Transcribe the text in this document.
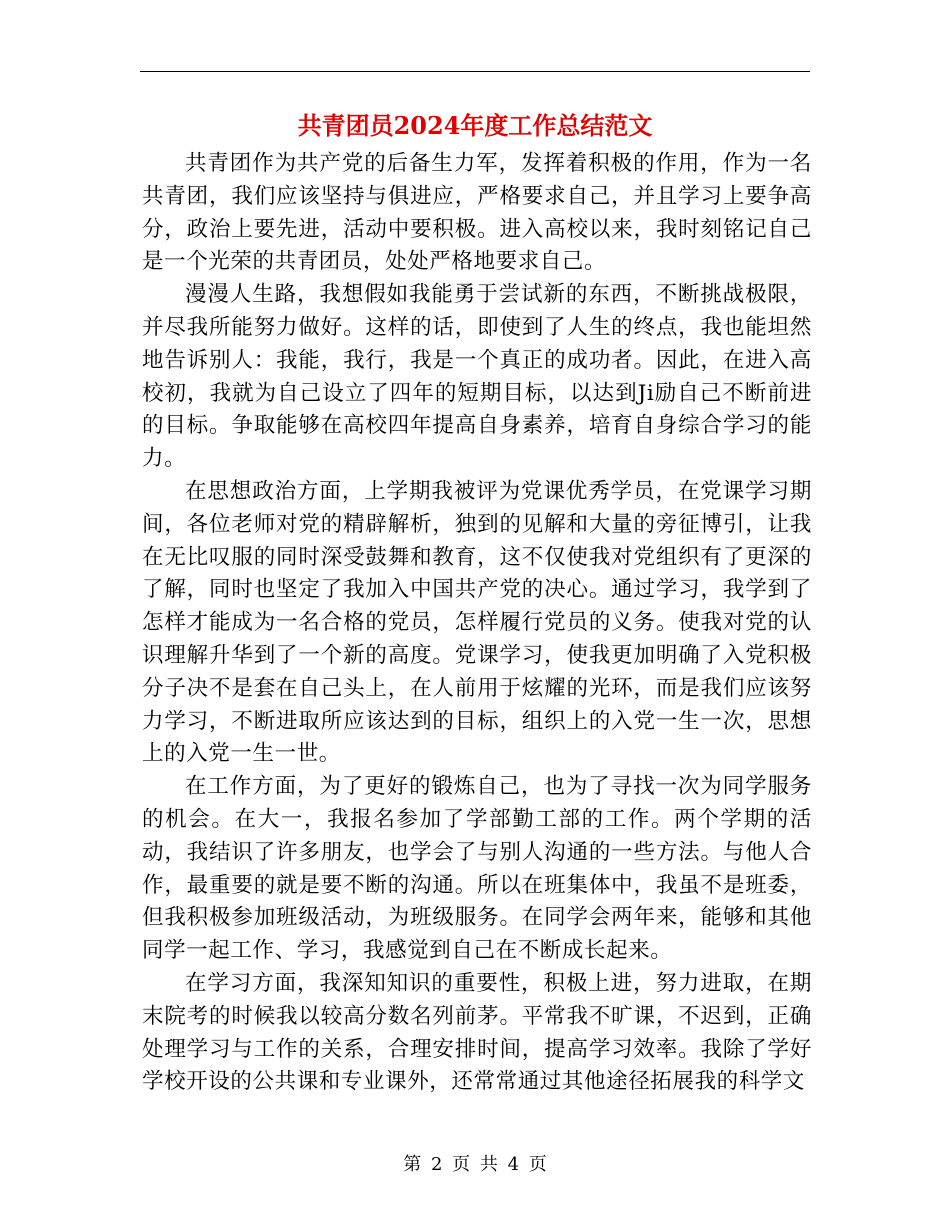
共青团员2024年度工作总结范文

共青团作为共产党的后备生力军，发挥着积极的作用，作为一名共青团，我们应该坚持与俱进应，严格要求自己，并且学习上要争高分，政治上要先进，活动中要积极。进入高校以来，我时刻铭记自己是一个光荣的共青团员，处处严格地要求自己。

漫漫人生路，我想假如我能勇于尝试新的东西，不断挑战极限，并尽我所能努力做好。这样的话，即使到了人生的终点，我也能坦然地告诉别人：我能，我行，我是一个真正的成功者。因此，在进入高校初，我就为自己设立了四年的短期目标，以达到Ji励自己不断前进的目标。争取能够在高校四年提高自身素养，培育自身综合学习的能力。

在思想政治方面，上学期我被评为党课优秀学员，在党课学习期间，各位老师对党的精辟解析，独到的见解和大量的旁征博引，让我在无比叹服的同时深受鼓舞和教育，这不仅使我对党组织有了更深的了解，同时也坚定了我加入中国共产党的决心。通过学习，我学到了怎样才能成为一名合格的党员，怎样履行党员的义务。使我对党的认识理解升华到了一个新的高度。党课学习，使我更加明确了入党积极分子决不是套在自己头上，在人前用于炫耀的光环，而是我们应该努力学习，不断进取所应该达到的目标，组织上的入党一生一次，思想上的入党一生一世。

在工作方面，为了更好的锻炼自己，也为了寻找一次为同学服务的机会。在大一，我报名参加了学部勤工部的工作。两个学期的活动，我结识了许多朋友，也学会了与别人沟通的一些方法。与他人合作，最重要的就是要不断的沟通。所以在班集体中，我虽不是班委，但我积极参加班级活动，为班级服务。在同学会两年来，能够和其他同学一起工作、学习，我感觉到自己在不断成长起来。

在学习方面，我深知知识的重要性，积极上进，努力进取，在期末院考的时候我以较高分数名列前茅。平常我不旷课，不迟到，正确处理学习与工作的关系，合理安排时间，提高学习效率。我除了学好学校开设的公共课和专业课外，还常常通过其他途径拓展我的科学文

第 2 页 共 4 页
